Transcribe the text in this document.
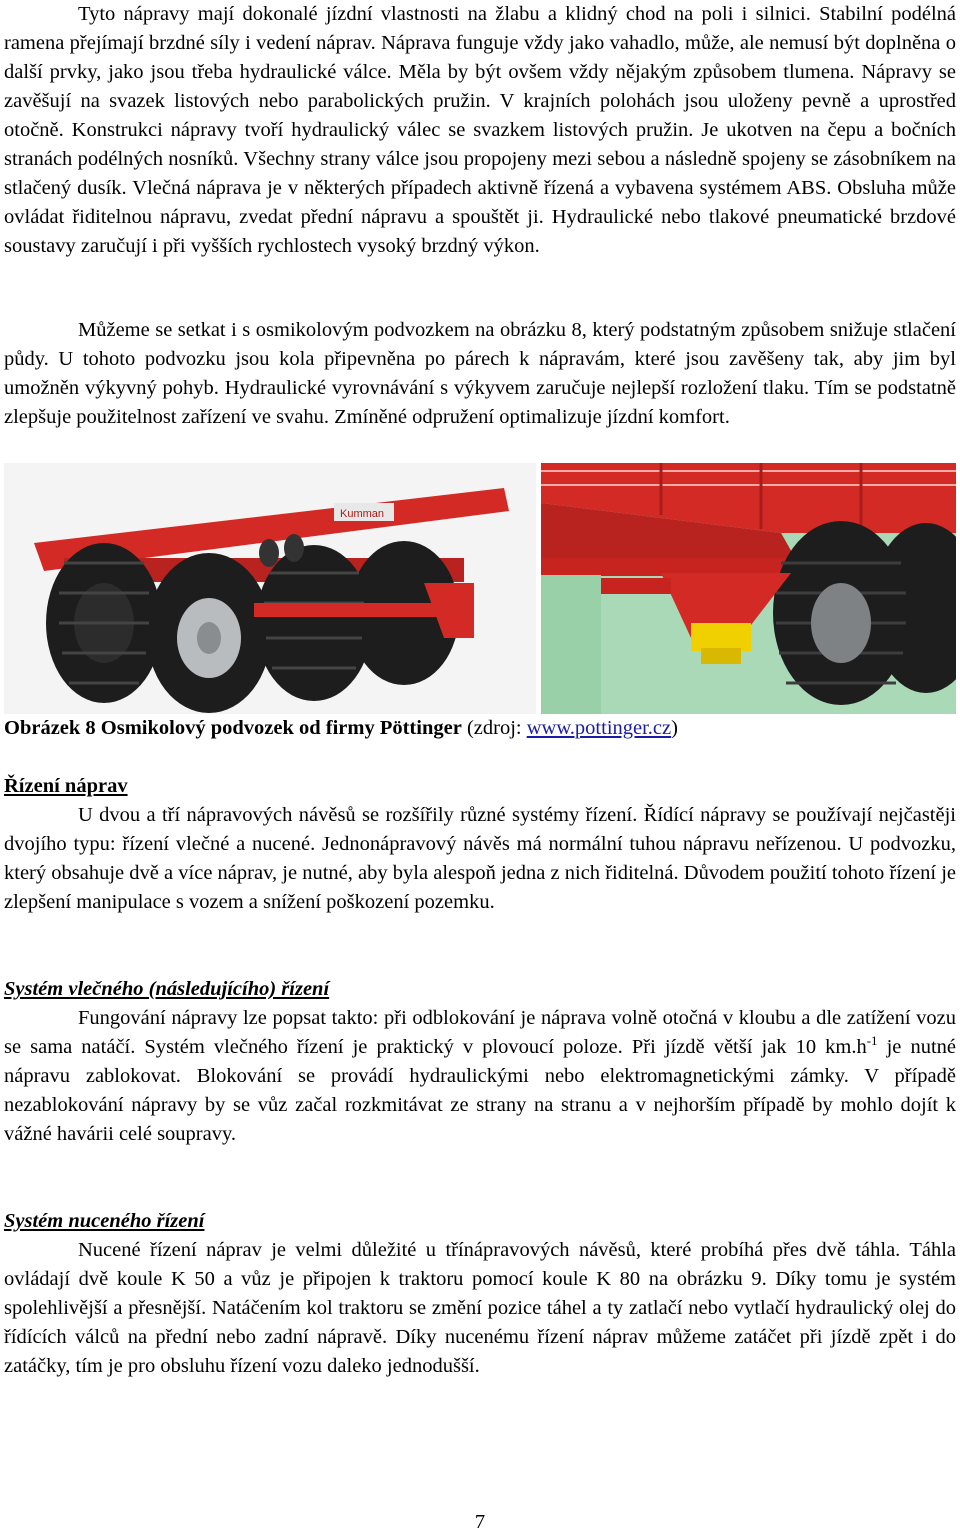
Tyto nápravy mají dokonalé jízdní vlastnosti na žlabu a klidný chod na poli i silnici. Stabilní podélná ramena přejímají brzdné síly i vedení náprav. Náprava funguje vždy jako vahadlo, může, ale nemusí být doplněna o další prvky, jako jsou třeba hydraulické válce. Měla by být ovšem vždy nějakým způsobem tlumena. Nápravy se zavěšují na svazek listových nebo parabolických pružin. V krajních polohách jsou uloženy pevně a uprostřed otočně. Konstrukci nápravy tvoří hydraulický válec se svazkem listových pružin. Je ukotven na čepu a bočních stranách podélných nosníků. Všechny strany válce jsou propojeny mezi sebou a následně spojeny se zásobníkem na stlačený dusík. Vlečná náprava je v některých případech aktivně řízená a vybavena systémem ABS. Obsluha může ovládat řiditelnou nápravu, zvedat přední nápravu a spouštět ji. Hydraulické nebo tlakové pneumatické brzdové soustavy zaručují i při vyšších rychlostech vysoký brzdný výkon.

Můžeme se setkat i s osmikolovým podvozkem na obrázku 8, který podstatným způsobem snižuje stlačení půdy. U tohoto podvozku jsou kola připevněna po párech k nápravám, které jsou zavěšeny tak, aby jim byl umožněn výkyvný pohyb. Hydraulické vyrovnávání s výkyvem zaručuje nejlepší rozložení tlaku. Tím se podstatně zlepšuje použitelnost zařízení ve svahu. Zmíněné odpružení optimalizuje jízdní komfort.

Kumman
Obrázek 8 Osmikolový podvozek od firmy Pöttinger (zdroj: www.pottinger.cz)
Řízení náprav

U dvou a tří nápravových návěsů se rozšířily různé systémy řízení. Řídící nápravy se používají nejčastěji dvojího typu: řízení vlečné a nucené. Jednonápravový návěs má normální tuhou nápravu neřízenou. U podvozku, který obsahuje dvě a více náprav, je nutné, aby byla alespoň jedna z nich řiditelná. Důvodem použití tohoto řízení je zlepšení manipulace s vozem a snížení poškození pozemku.

Systém vlečného (následujícího) řízení

Fungování nápravy lze popsat takto: při odblokování je náprava volně otočná v kloubu a dle zatížení vozu se sama natáčí. Systém vlečného řízení je praktický v plovoucí poloze. Při jízdě větší jak 10 $km.h^{-1}$ je nutné nápravu zablokovat. Blokování se provádí hydraulickými nebo elektromagnetickými zámky. V případě nezablokování nápravy by se vůz začal rozkmitávat ze strany na stranu a v nejhorším případě by mohlo dojít k vážné havárii celé soupravy.

Systém nuceného řízení

Nucené řízení náprav je velmi důležité u třínápravových návěsů, které probíhá přes dvě táhla. Táhla ovládají dvě koule K 50 a vůz je připojen k traktoru pomocí koule K 80 na obrázku 9. Díky tomu je systém spolehlivější a přesnější. Natáčením kol traktoru se změní pozice táhel a ty zatlačí nebo vytlačí hydraulický olej do řídících válců na přední nebo zadní nápravě. Díky nucenému řízení náprav můžeme zatáčet při jízdě zpět i do zatáčky, tím je pro obsluhu řízení vozu daleko jednodušší.

7
